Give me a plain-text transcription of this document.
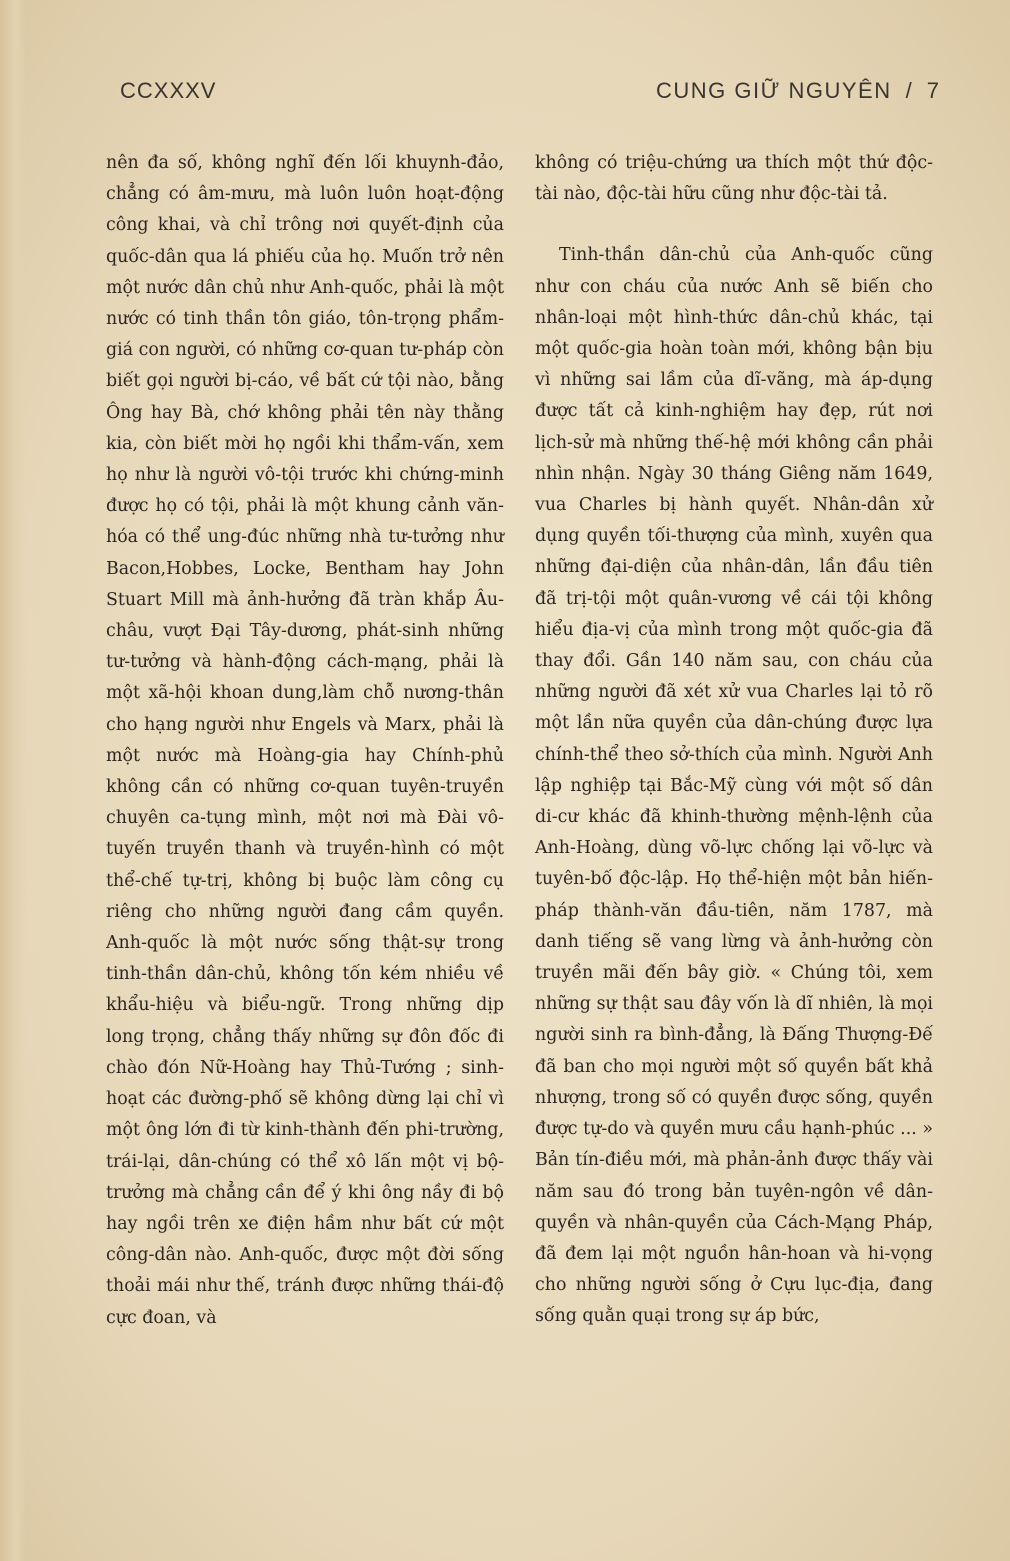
CCXXXV	CUNG GIỮ NGUYÊN / 7

nên đa số, không nghĩ đến lối khuynh-đảo, chẳng có âm-mưu, mà luôn luôn hoạt-động công khai, và chỉ trông nơi quyết-định của quốc-dân qua lá phiếu của họ. Muốn trở nên một nước dân chủ như Anh-quốc, phải là một nước có tinh thần tôn giáo, tôn-trọng phẩm-giá con người, có những cơ-quan tư-pháp còn biết gọi người bị-cáo, về bất cứ tội nào, bằng Ông hay Bà, chớ không phải tên này thằng kia, còn biết mời họ ngồi khi thẩm-vấn, xem họ như là người vô-tội trước khi chứng-minh được họ có tội, phải là một khung cảnh văn-hóa có thể ung-đúc những nhà tư-tưởng như Bacon,Hobbes, Locke, Bentham hay John Stuart Mill mà ảnh-hưởng đã tràn khắp Âu-châu, vượt Đại Tây-dương, phát-sinh những tư-tưởng và hành-động cách-mạng, phải là một xã-hội khoan dung,làm chỗ nương-thân cho hạng người như Engels và Marx, phải là một nước mà Hoàng-gia hay Chính-phủ không cần có những cơ-quan tuyên-truyền chuyên ca-tụng mình, một nơi mà Đài vô-tuyến truyền thanh và truyền-hình có một thể-chế tự-trị, không bị buộc làm công cụ riêng cho những người đang cầm quyền. Anh-quốc là một nước sống thật-sự trong tinh-thần dân-chủ, không tốn kém nhiều về khẩu-hiệu và biểu-ngữ. Trong những dịp long trọng, chẳng thấy những sự đôn đốc đi chào đón Nữ-Hoàng hay Thủ-Tướng ; sinh-hoạt các đường-phố sẽ không dừng lại chỉ vì một ông lớn đi từ kinh-thành đến phi-trường, trái-lại, dân-chúng có thể xô lấn một vị bộ-trưởng mà chẳng cần để ý khi ông nầy đi bộ hay ngồi trên xe điện hầm như bất cứ một công-dân nào. Anh-quốc, được một đời sống thoải mái như thế, tránh được những thái-độ cực đoan, và

không có triệu-chứng ưa thích một thứ độc-tài nào, độc-tài hữu cũng như độc-tài tả.

Tinh-thần dân-chủ của Anh-quốc cũng như con cháu của nước Anh sẽ biến cho nhân-loại một hình-thức dân-chủ khác, tại một quốc-gia hoàn toàn mới, không bận bịu vì những sai lầm của dĩ-vãng, mà áp-dụng được tất cả kinh-nghiệm hay đẹp, rút nơi lịch-sử mà những thế-hệ mới không cần phải nhìn nhận. Ngày 30 tháng Giêng năm 1649, vua Charles bị hành quyết. Nhân-dân xử dụng quyền tối-thượng của mình, xuyên qua những đại-diện của nhân-dân, lần đầu tiên đã trị-tội một quân-vương về cái tội không hiểu địa-vị của mình trong một quốc-gia đã thay đổi. Gần 140 năm sau, con cháu của những người đã xét xử vua Charles lại tỏ rõ một lần nữa quyền của dân-chúng được lựa chính-thể theo sở-thích của mình. Người Anh lập nghiệp tại Bắc-Mỹ cùng với một số dân di-cư khác đã khinh-thường mệnh-lệnh của Anh-Hoàng, dùng võ-lực chống lại võ-lực và tuyên-bố độc-lập. Họ thể-hiện một bản hiến-pháp thành-văn đầu-tiên, năm 1787, mà danh tiếng sẽ vang lừng và ảnh-hưởng còn truyền mãi đến bây giờ. « Chúng tôi, xem những sự thật sau đây vốn là dĩ nhiên, là mọi người sinh ra bình-đẳng, là Đấng Thượng-Đế đã ban cho mọi người một số quyền bất khả nhượng, trong số có quyền được sống, quyền được tự-do và quyền mưu cầu hạnh-phúc ... » Bản tín-điều mới, mà phản-ảnh được thấy vài năm sau đó trong bản tuyên-ngôn về dân-quyền và nhân-quyền của Cách-Mạng Pháp, đã đem lại một nguồn hân-hoan và hi-vọng cho những người sống ở Cựu lục-địa, đang sống quằn quại trong sự áp bức,
